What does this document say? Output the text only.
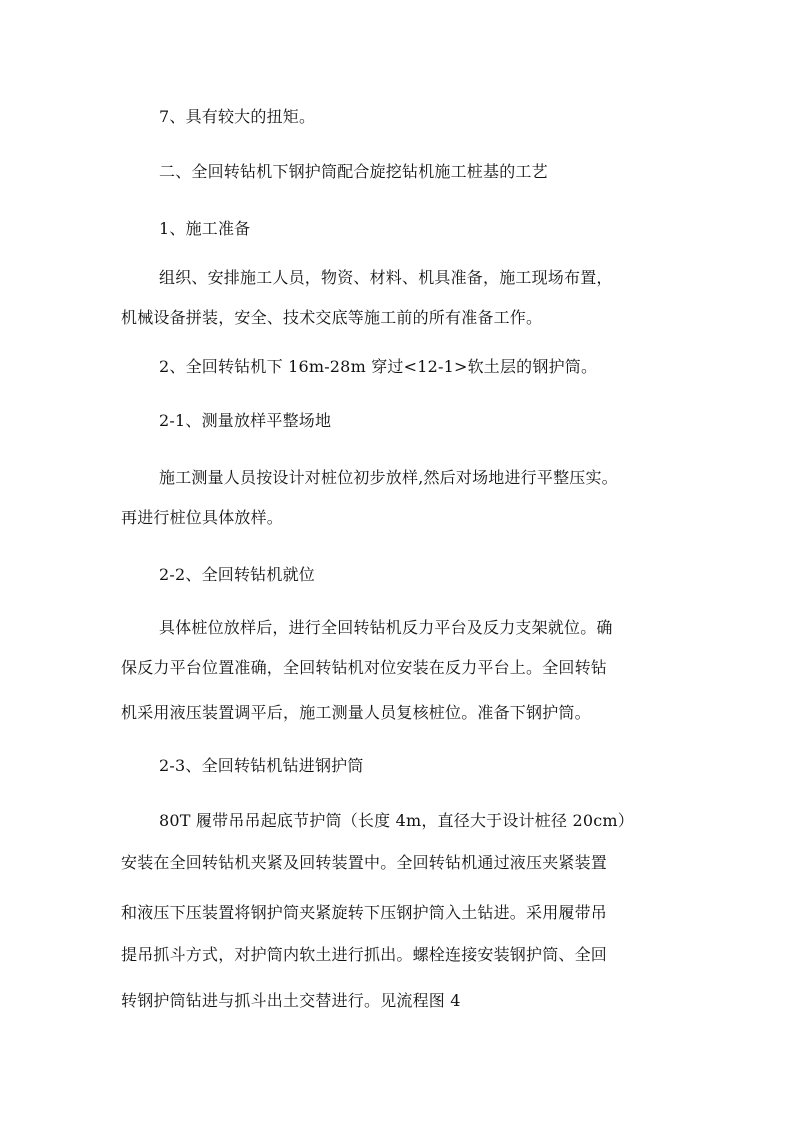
7、具有较大的扭矩。
二、全回转钻机下钢护筒配合旋挖钻机施工桩基的工艺
1、施工准备
组织、安排施工人员，物资、材料、机具准备，施工现场布置，
机械设备拼装，安全、技术交底等施工前的所有准备工作。
2、全回转钻机下 16m-28m 穿过<12-1>软土层的钢护筒。
2-1、测量放样平整场地
施工测量人员按设计对桩位初步放样,然后对场地进行平整压实。
再进行桩位具体放样。
2-2、全回转钻机就位
具体桩位放样后，进行全回转钻机反力平台及反力支架就位。确
保反力平台位置准确，全回转钻机对位安装在反力平台上。全回转钻
机采用液压装置调平后，施工测量人员复核桩位。准备下钢护筒。
2-3、全回转钻机钻进钢护筒
80T 履带吊吊起底节护筒（长度 4m，直径大于设计桩径 20cm）
安装在全回转钻机夹紧及回转装置中。全回转钻机通过液压夹紧装置
和液压下压装置将钢护筒夹紧旋转下压钢护筒入土钻进。采用履带吊
提吊抓斗方式，对护筒内软土进行抓出。螺栓连接安装钢护筒、全回
转钢护筒钻进与抓斗出土交替进行。见流程图 4
